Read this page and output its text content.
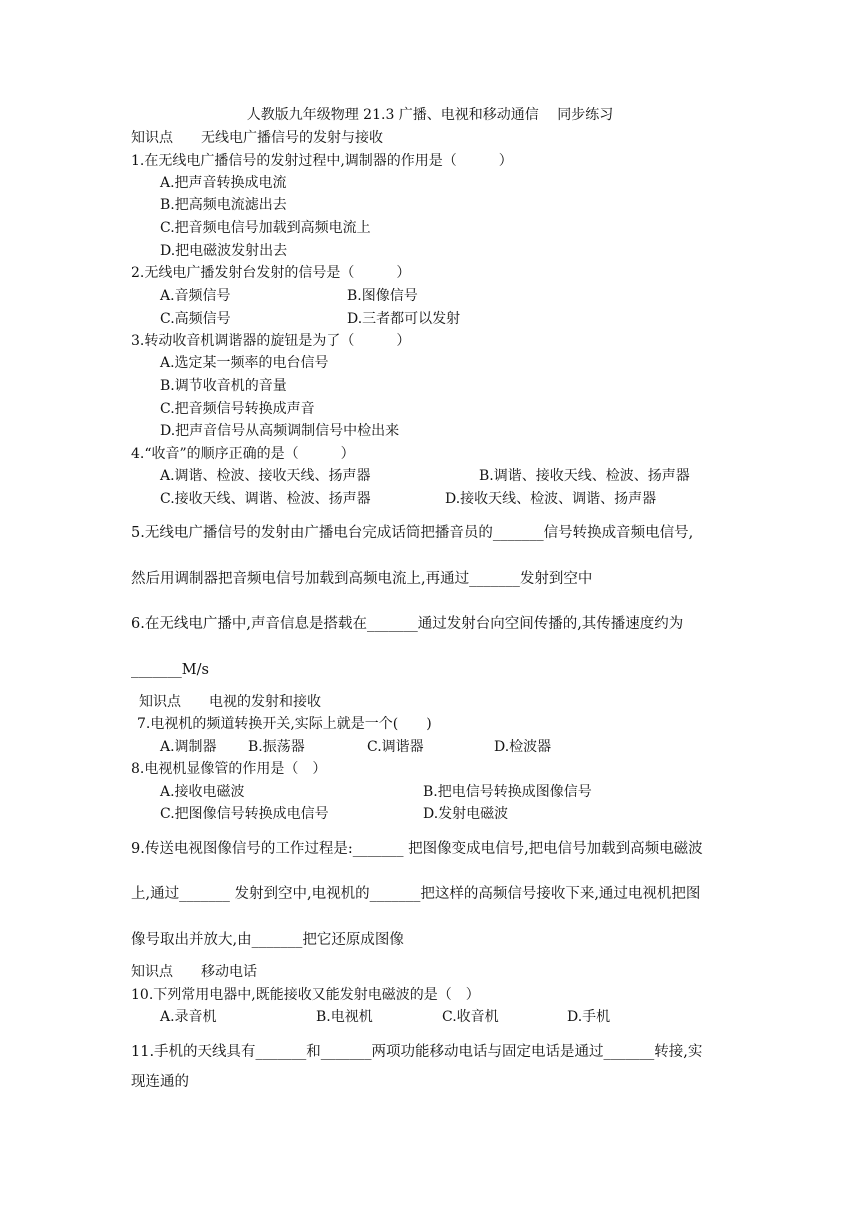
人教版九年级物理 21.3 广播、电视和移动通信　 同步练习
知识点　　无线电广播信号的发射与接收
1.在无线电广播信号的发射过程中,调制器的作用是（　　　）
A.把声音转换成电流
B.把高频电流滤出去
C.把音频电信号加载到高频电流上
D.把电磁波发射出去
2.无线电广播发射台发射的信号是（　　　）
A.音频信号	B.图像信号
C.高频信号	D.三者都可以发射
3.转动收音机调谐器的旋钮是为了（　　　）
A.选定某一频率的电台信号
B.调节收音机的音量
C.把音频信号转换成声音
D.把声音信号从高频调制信号中检出来
4.“收音”的顺序正确的是（　　　）
A.调谐、检波、接收天线、扬声器	B.调谐、接收天线、检波、扬声器
C.接收天线、调谐、检波、扬声器	D.接收天线、检波、调谐、扬声器
5.无线电广播信号的发射由广播电台完成话筒把播音员的_______信号转换成音频电信号,
然后用调制器把音频电信号加载到高频电流上,再通过_______发射到空中
6.在无线电广播中,声音信息是搭载在_______通过发射台向空间传播的,其传播速度约为
_______M/s
知识点　　电视的发射和接收
7.电视机的频道转换开关,实际上就是一个(　　)
A.调制器 B.振荡器	C.调谐器	D.检波器
8.电视机显像管的作用是（　）
A.接收电磁波	B.把电信号转换成图像信号
C.把图像信号转换成电信号	D.发射电磁波
9.传送电视图像信号的工作过程是:_______ 把图像变成电信号,把电信号加载到高频电磁波
上,通过_______ 发射到空中,电视机的_______把这样的高频信号接收下来,通过电视机把图
像号取出并放大,由_______把它还原成图像
知识点　　移动电话
10.下列常用电器中,既能接收又能发射电磁波的是（　）
A.录音机	B.电视机	C.收音机	D.手机
11.手机的天线具有_______和_______两项功能移动电话与固定电话是通过_______转接,实
现连通的
